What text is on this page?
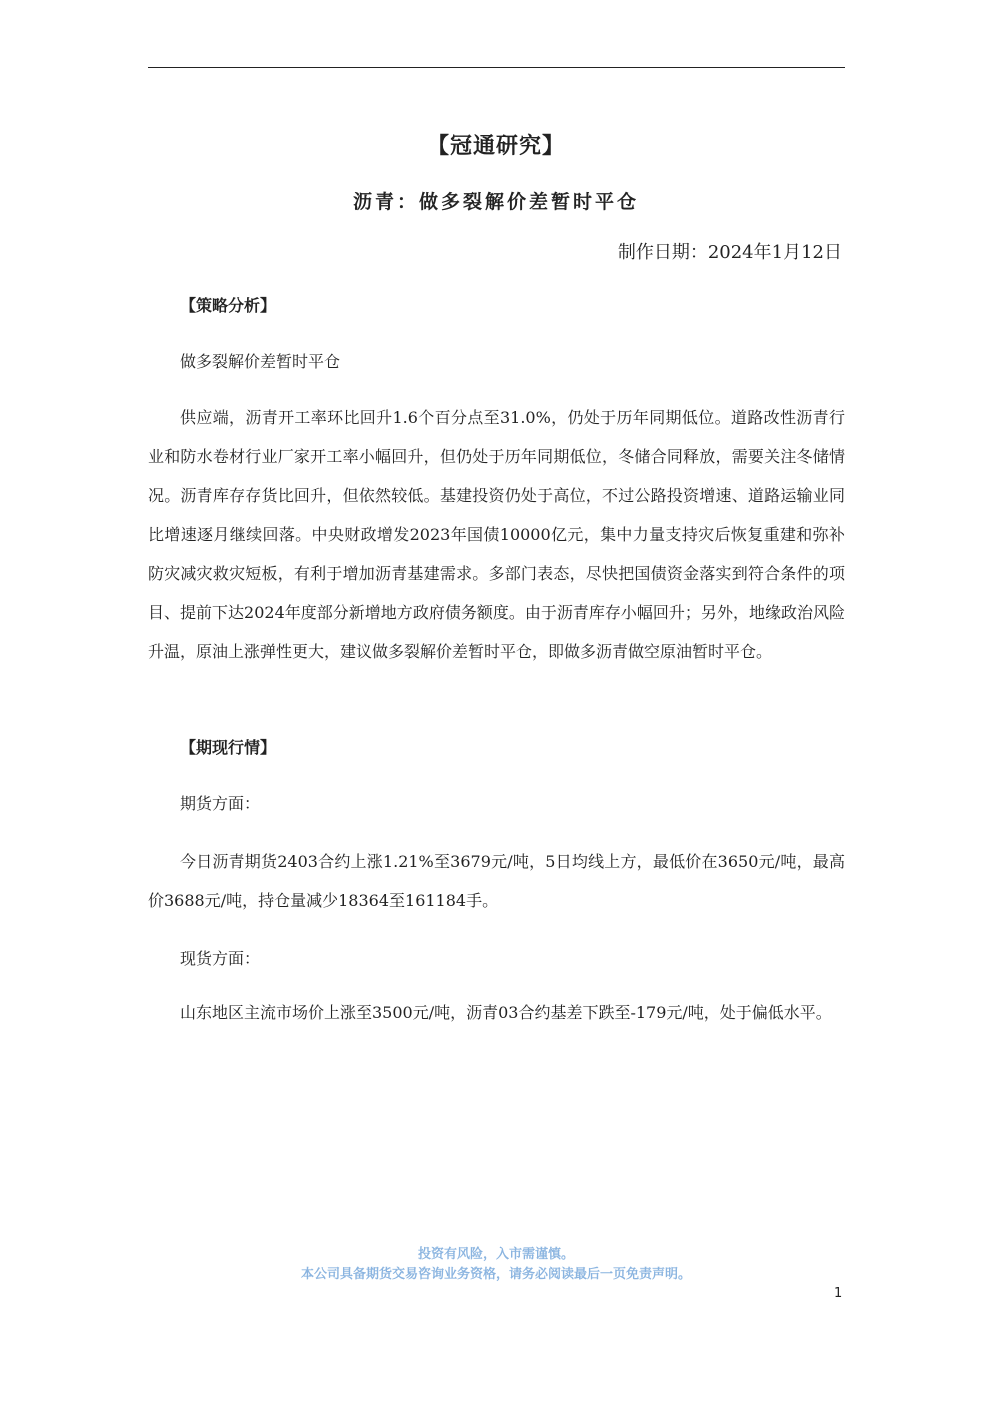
【冠通研究】
沥青：做多裂解价差暂时平仓
制作日期：2024年1月12日
【策略分析】

做多裂解价差暂时平仓

供应端，沥青开工率环比回升1.6个百分点至31.0%，仍处于历年同期低位。道路改性沥青行业和防水卷材行业厂家开工率小幅回升，但仍处于历年同期低位，冬储合同释放，需要关注冬储情况。沥青库存存货比回升，但依然较低。基建投资仍处于高位，不过公路投资增速、道路运输业同比增速逐月继续回落。中央财政增发2023年国债10000亿元，集中力量支持灾后恢复重建和弥补防灾减灾救灾短板，有利于增加沥青基建需求。多部门表态，尽快把国债资金落实到符合条件的项目、提前下达2024年度部分新增地方政府债务额度。由于沥青库存小幅回升；另外，地缘政治风险升温，原油上涨弹性更大，建议做多裂解价差暂时平仓，即做多沥青做空原油暂时平仓。

【期现行情】

期货方面：

今日沥青期货2403合约上涨1.21%至3679元/吨，5日均线上方，最低价在3650元/吨，最高价3688元/吨，持仓量减少18364至161184手。

现货方面：

山东地区主流市场价上涨至3500元/吨，沥青03合约基差下跌至-179元/吨，处于偏低水平。

投资有风险，入市需谨慎。
本公司具备期货交易咨询业务资格，请务必阅读最后一页免责声明。
1
